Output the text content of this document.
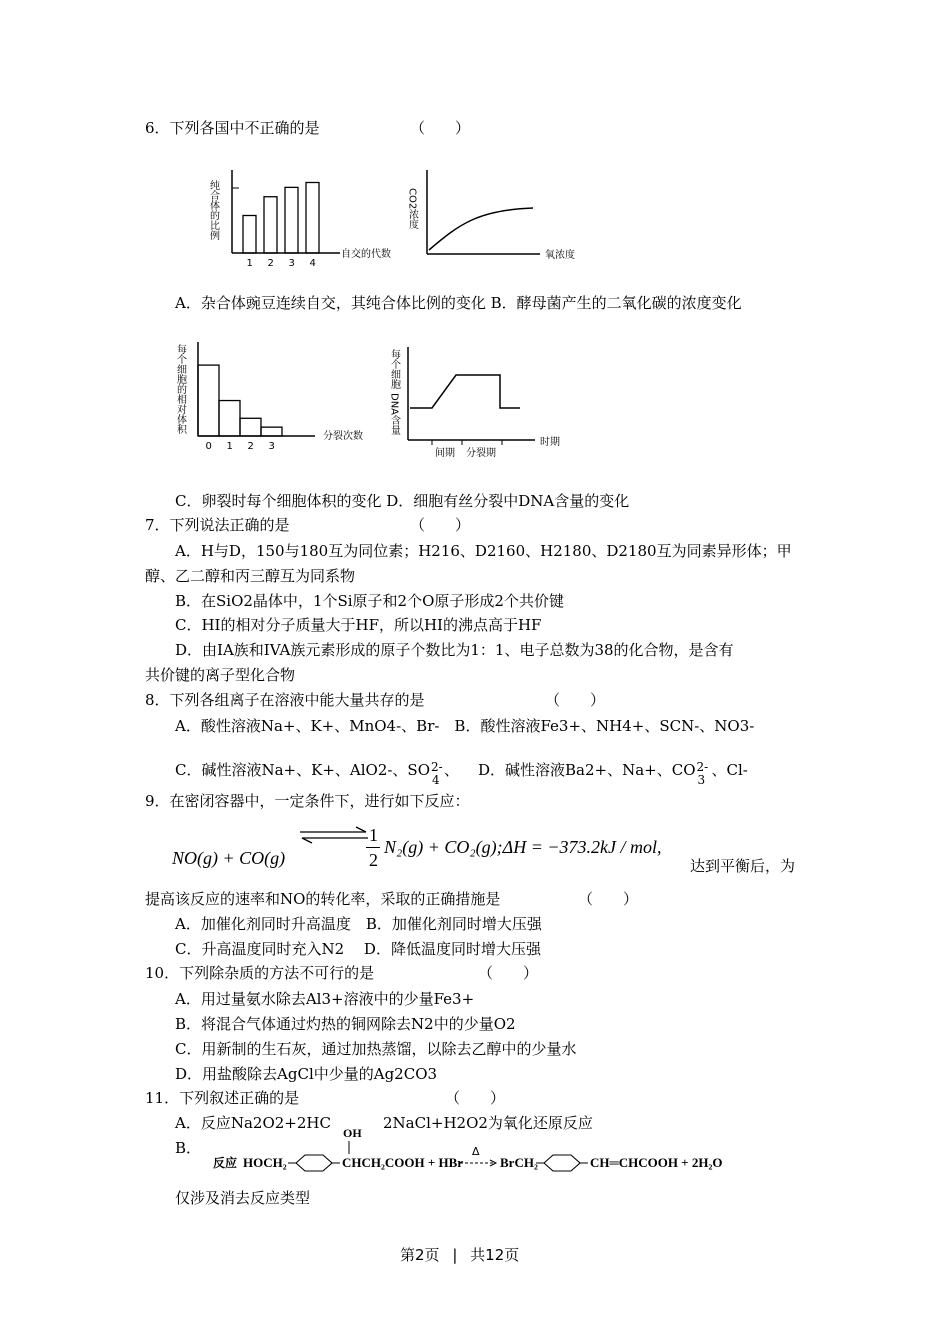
6．下列各国中不正确的是	（　　）
纯合体的比例
1 2 3 4
自交的代数
CO2浓度
氧浓度
A．杂合体豌豆连续自交，其纯合体比例的变化 B．酵母菌产生的二氧化碳的浓度变化
每个细胞的相对体积
0 1 2 3
分裂次数
每个细胞
DNA含量
间期 分裂期
时期
C．卵裂时每个细胞体积的变化 D．细胞有丝分裂中DNA含量的变化
7．下列说法正确的是	（　　）
A．H与D，150与180互为同位素；H216、D2160、H2180、D2180互为同素异形体；甲
醇、乙二醇和丙三醇互为同系物
B．在SiO2晶体中，1个Si原子和2个O原子形成2个共价键
C．HI的相对分子质量大于HF，所以HI的沸点高于HF
D．由IA族和IVA族元素形成的原子个数比为1：1、电子总数为38的化合物，是含有
共价键的离子型化合物
8．下列各组离子在溶液中能大量共存的是	（　　）
A．酸性溶液Na+、K+、MnO4-、Br-　B．酸性溶液Fe3+、NH4+、SCN-、NO3-
C．碱性溶液Na+、K+、AlO2-、SO 2-
4
、 D．碱性溶液Ba2+、Na+、CO 2-
3
、Cl-
9．在密闭容器中，一定条件下，进行如下反应：
NO(g) + CO(g)
1
2
N₂(g) + CO₂(g);ΔH = −373.2kJ / mol,
达到平衡后，为
提高该反应的速率和NO的转化率，采取的正确措施是	（　　）
A．加催化剂同时升高温度　B．加催化剂同时增大压强
C．升高温度同时充入N2　 D．降低温度同时增大压强
10．下列除杂质的方法不可行的是	（　　）
A．用过量氨水除去Al3+溶液中的少量Fe3+
B．将混合气体通过灼热的铜网除去N2中的少量O2
C．用新制的生石灰，通过加热蒸馏，以除去乙醇中的少量水
D．用盐酸除去AgCl中少量的Ag2CO3
11．下列叙述正确的是	（　　）
A．反应Na2O2+2HC	2NaCl+H2O2为氧化还原反应
B．
反应 HOCH₂
OH
CHCH₂COOH + HBr
Δ
BrCH₂	CH═CHCOOH + 2H₂O
仅涉及消去反应类型
第2页 | 共12页
